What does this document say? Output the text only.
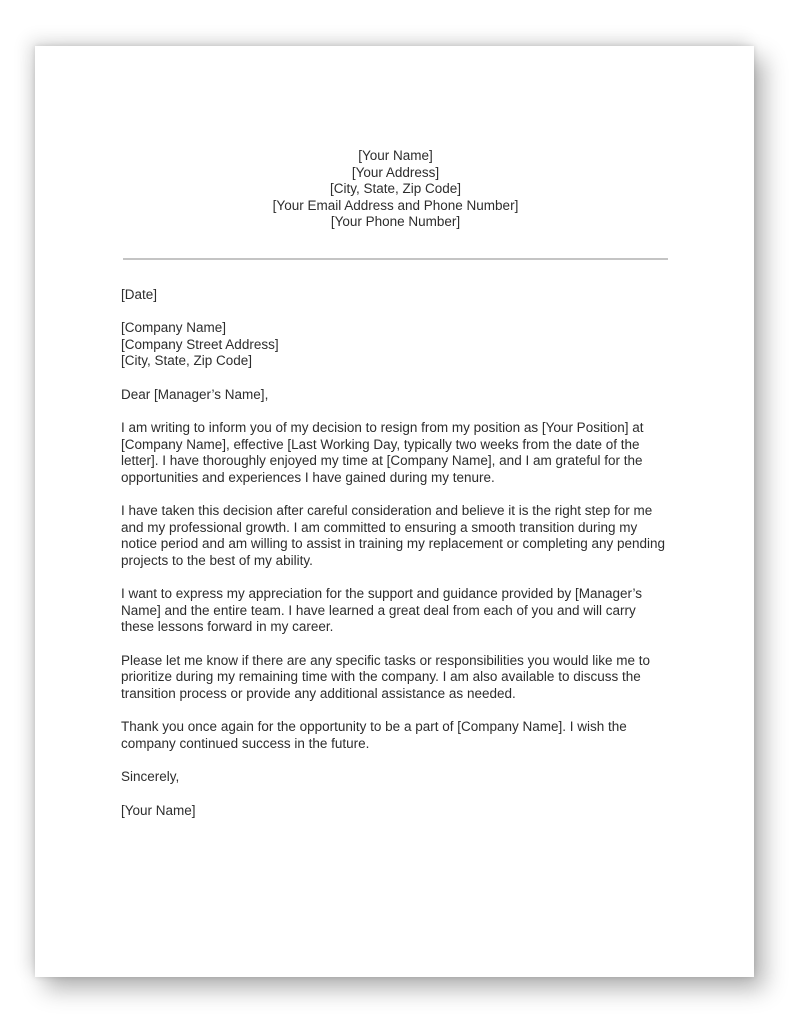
[Your Name]
[Your Address]
[City, State, Zip Code]
[Your Email Address and Phone Number]
[Your Phone Number]
[Date]
[Company Name]
[Company Street Address]
[City, State, Zip Code]
Dear [Manager’s Name],

I am writing to inform you of my decision to resign from my position as [Your Position] at [Company Name], effective [Last Working Day, typically two weeks from the date of the letter]. I have thoroughly enjoyed my time at [Company Name], and I am grateful for the opportunities and experiences I have gained during my tenure.

I have taken this decision after careful consideration and believe it is the right step for me and my professional growth. I am committed to ensuring a smooth transition during my notice period and am willing to assist in training my replacement or completing any pending projects to the best of my ability.

I want to express my appreciation for the support and guidance provided by [Manager’s Name] and the entire team. I have learned a great deal from each of you and will carry these lessons forward in my career.

Please let me know if there are any specific tasks or responsibilities you would like me to prioritize during my remaining time with the company. I am also available to discuss the transition process or provide any additional assistance as needed.

Thank you once again for the opportunity to be a part of [Company Name]. I wish the company continued success in the future.

Sincerely,
[Your Name]
